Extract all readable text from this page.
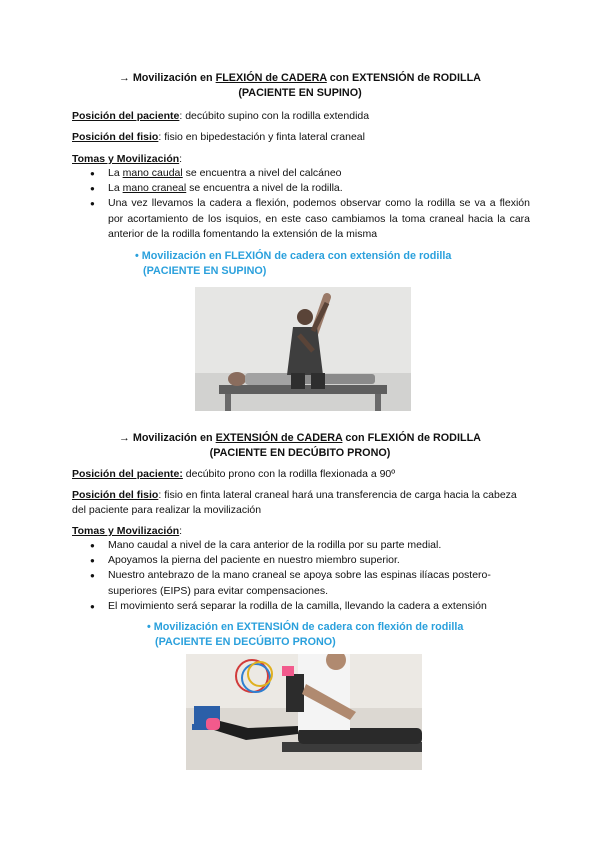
→ Movilización en FLEXIÓN de CADERA con EXTENSIÓN de RODILLA
(PACIENTE EN SUPINO)
Posición del paciente: decúbito supino con la rodilla extendida
Posición del fisio: fisio en bipedestación y finta lateral craneal
Tomas y Movilización:
● La mano caudal se encuentra a nivel del calcáneo
● La mano craneal se encuentra a nivel de la rodilla.
● Una vez llevamos la cadera a flexión, podemos observar como la rodilla se va a flexión por acortamiento de los isquios, en este caso cambiamos la toma craneal hacia la cara anterior de la rodilla fomentando la extensión de la misma
• Movilización en FLEXIÓN de cadera con extensión de rodilla
(PACIENTE EN SUPINO)
→ Movilización en EXTENSIÓN de CADERA con FLEXIÓN de RODILLA
(PACIENTE EN DECÚBITO PRONO)
Posición del paciente: decúbito prono con la rodilla flexionada a 90º
Posición del fisio: fisio en finta lateral craneal hará una transferencia de carga hacia la cabeza del paciente para realizar la movilización
Tomas y Movilización:
● Mano caudal a nivel de la cara anterior de la rodilla por su parte medial.
● Apoyamos la pierna del paciente en nuestro miembro superior.
● Nuestro antebrazo de la mano craneal se apoya sobre las espinas ilíacas postero-superiores (EIPS) para evitar compensaciones.
● El movimiento será separar la rodilla de la camilla, llevando la cadera a extensión
• Movilización en EXTENSIÓN de cadera con flexión de rodilla
(PACIENTE EN DECÚBITO PRONO)
